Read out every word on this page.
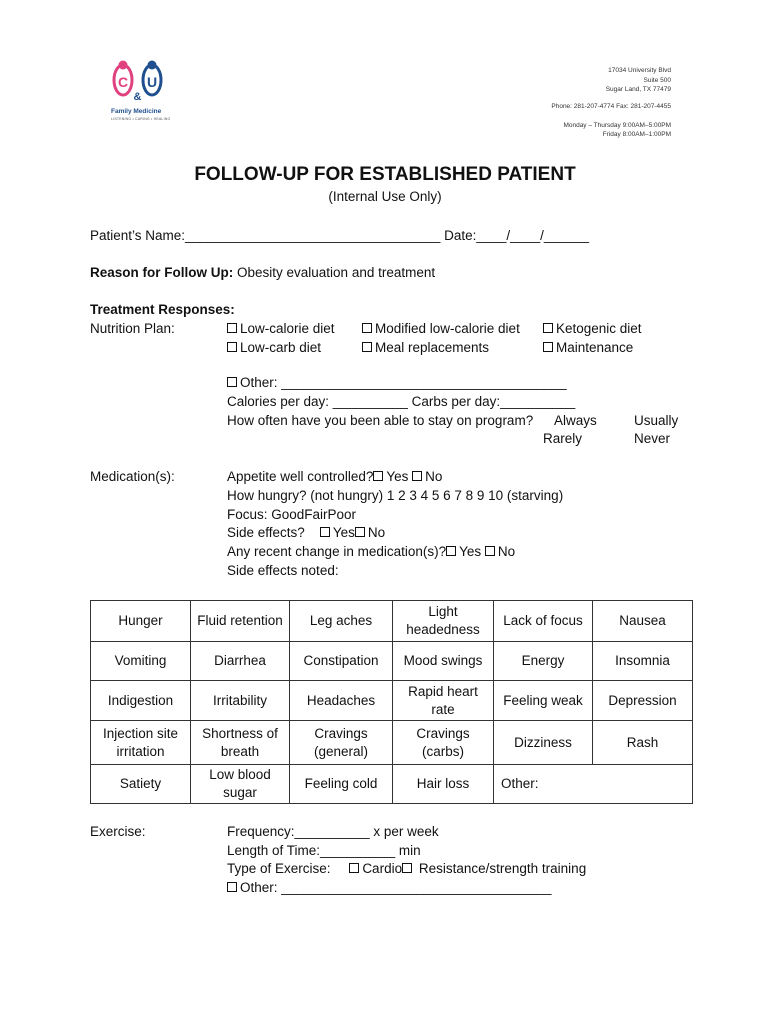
C U
&
Family Medicine
LISTENING • CARING • HEALING
17034 University Blvd
Suite 500
Sugar Land, TX 77479
Phone: 281-207-4774 Fax: 281-207-4455
Monday – Thursday 9:00AM–5:00PM
Friday 8:00AM–1:00PM
FOLLOW-UP FOR ESTABLISHED PATIENT
(Internal Use Only)
Patient’s Name:__________________________________ Date:____/____/______
Reason for Follow Up: Obesity evaluation and treatment
Treatment Responses:
Nutrition Plan:	Low-calorie diet	Modified low-calorie diet	Ketogenic diet
Low-carb diet	Meal replacements	Maintenance
Other: ______________________________________
Calories per day: __________ Carbs per day:__________
How often have you been able to stay on program? Always	Usually
Rarely	Never
Medication(s):	Appetite well controlled? Yes No
How hungry? (not hungry) 1 2 3 4 5 6 7 8 9 10 (starving)
Focus: GoodFairPoor
Side effects? Yes No
Any recent change in medication(s)? Yes No
Side effects noted:
Hunger	Fluid retention	Leg aches	Light headedness	Lack of focus	Nausea
Vomiting	Diarrhea	Constipation	Mood swings	Energy	Insomnia
Indigestion	Irritability	Headaches	Rapid heart rate	Feeling weak	Depression
Injection site irritation	Shortness of breath	Cravings (general)	Cravings (carbs)	Dizziness	Rash
Satiety	Low blood sugar	Feeling cold	Hair loss	Other:	
Exercise:	Frequency:__________ x per week
Length of Time:__________ min
Type of Exercise: Cardio Resistance/strength training
Other: ____________________________________
